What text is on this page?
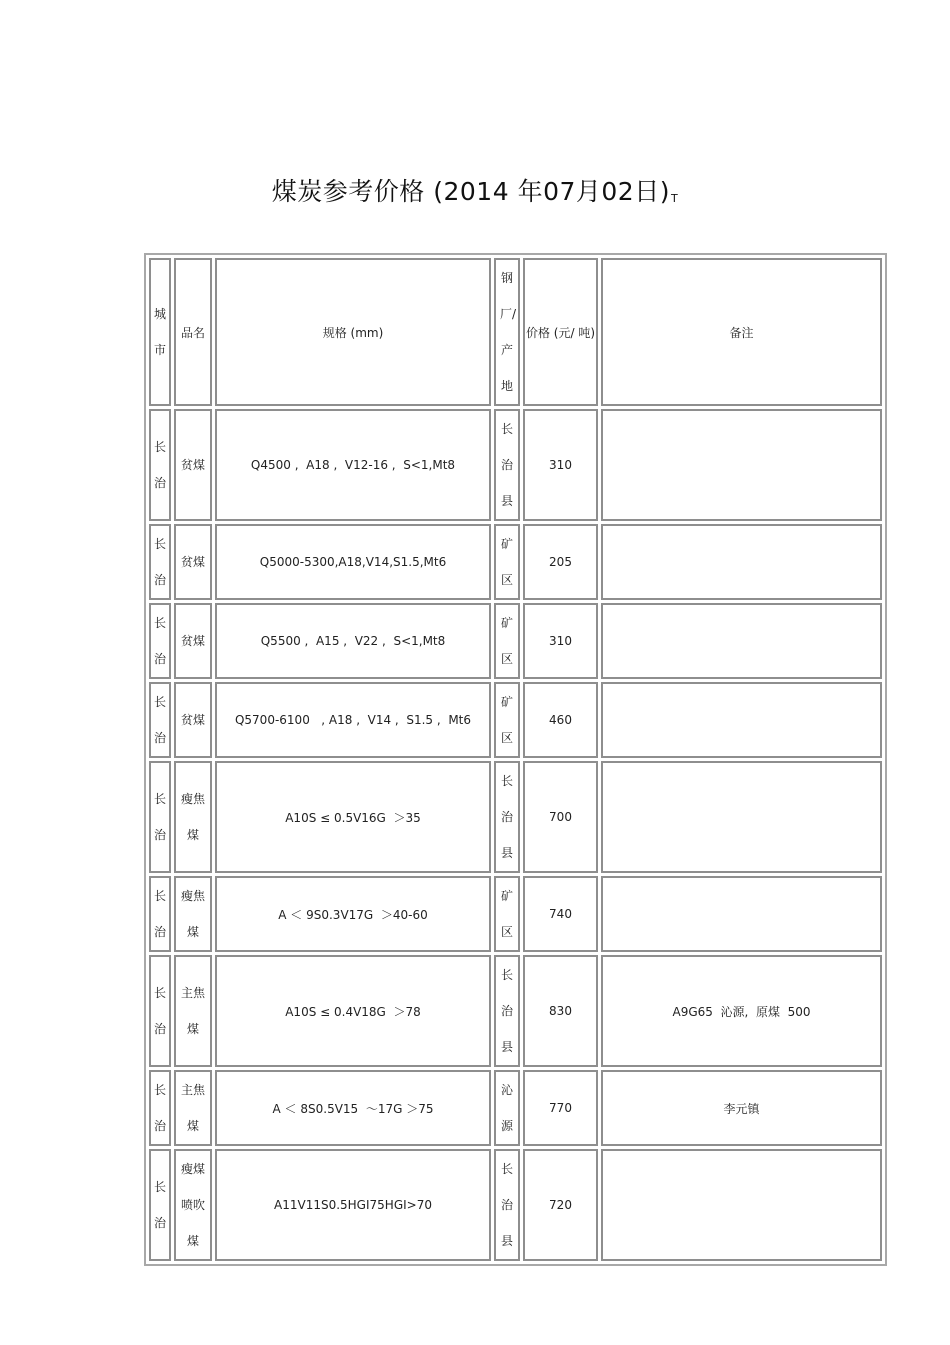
煤炭参考价格 (2014 年07月02日)T
城市	品名	规格 (mm)	钢厂/产地	价格 (元/ 吨)	备注
长治	贫煤	Q4500 ,  A18 ,  V12-16 ,  S<1,Mt8	长治县	310	
长治	贫煤	Q5000-5300,A18,V14,S1.5,Mt6	矿区	205	
长治	贫煤	Q5500 ,  A15 ,  V22 ,  S<1,Mt8	矿区	310	
长治	贫煤	Q5700-6100   , A18 ,  V14 ,  S1.5 ,  Mt6	矿区	460	
长治	瘦焦煤	A10S ≤ 0.5V16G  ＞35	长治县	700	
长治	瘦焦煤	A ＜ 9S0.3V17G  ＞40-60	矿区	740	
长治	主焦煤	A10S ≤ 0.4V18G  ＞78	长治县	830	A9G65  沁源,  原煤  500
长治	主焦煤	A ＜ 8S0.5V15  ～17G ＞75	沁源	770	李元镇
长治	瘦煤喷吹煤	A11V11S0.5HGI75HGI>70	长治县	720	
